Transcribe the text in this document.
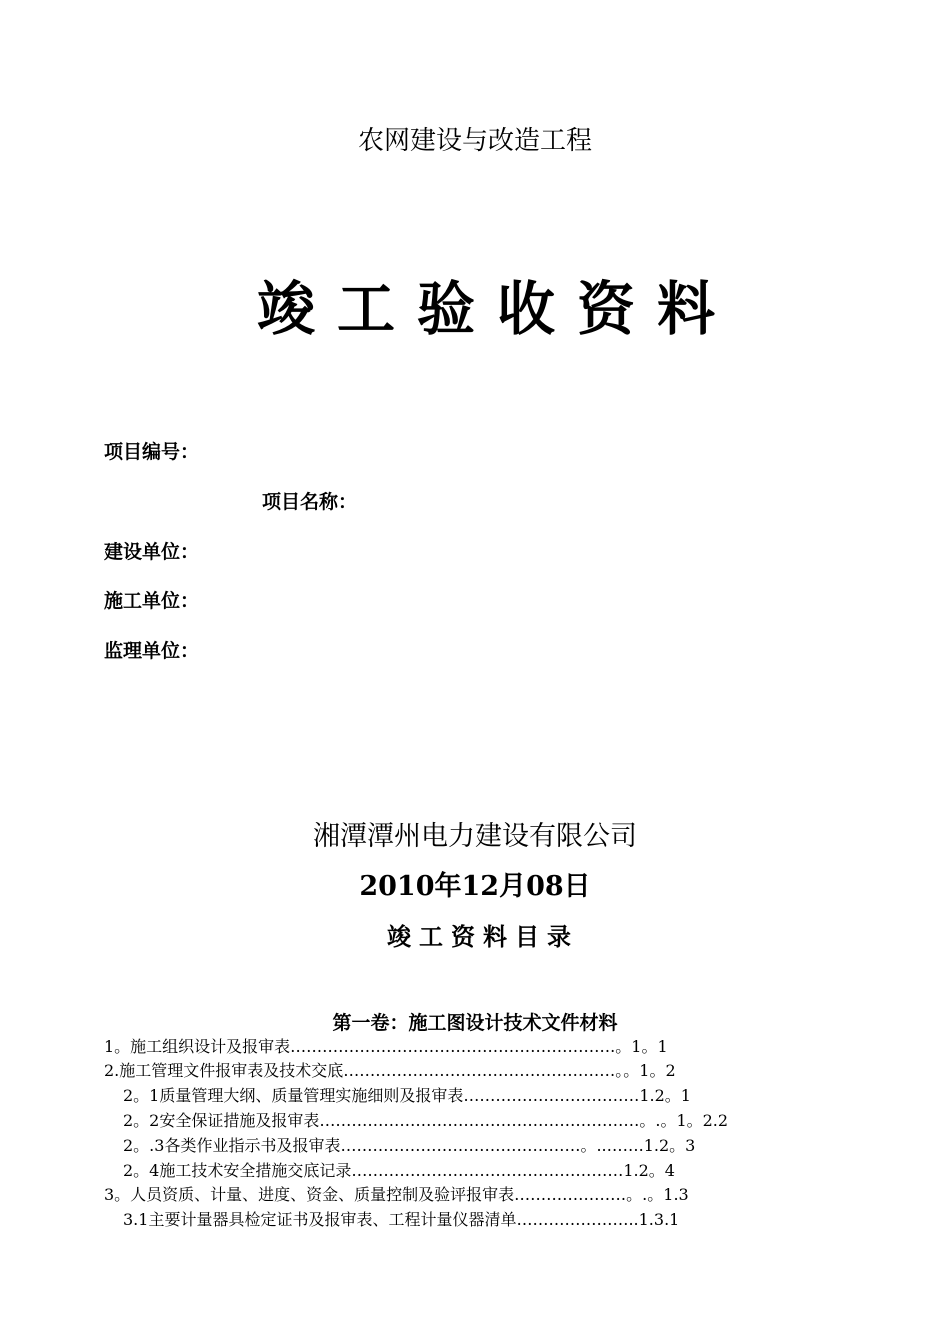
农网建设与改造工程
竣工验收资料
项目编号：
项目名称：
建设单位：
施工单位：
监理单位：
湘潭潭州电力建设有限公司
2010年12月08日
竣工资料目录
第一卷：施工图设计技术文件材料
1。施工组织设计及报审表…………………………………………………….。1。1
2.施工管理文件报审表及技术交底……………………………………………。。1。2
2。1质量管理大纲、质量管理实施细则及报审表……………………………1.2。1
2。2安全保证措施及报审表……………………………………………………。.。1。2.2
2。.3各类作业指示书及报审表………………………………………。..…….1.2。3
2。4施工技术安全措施交底记录……………………………………………1.2。4
3。人员资质、计量、进度、资金、质量控制及验评报审表…………………。.。1.3
3.1主要计量器具检定证书及报审表、工程计量仪器清单…………………..1.3.1
